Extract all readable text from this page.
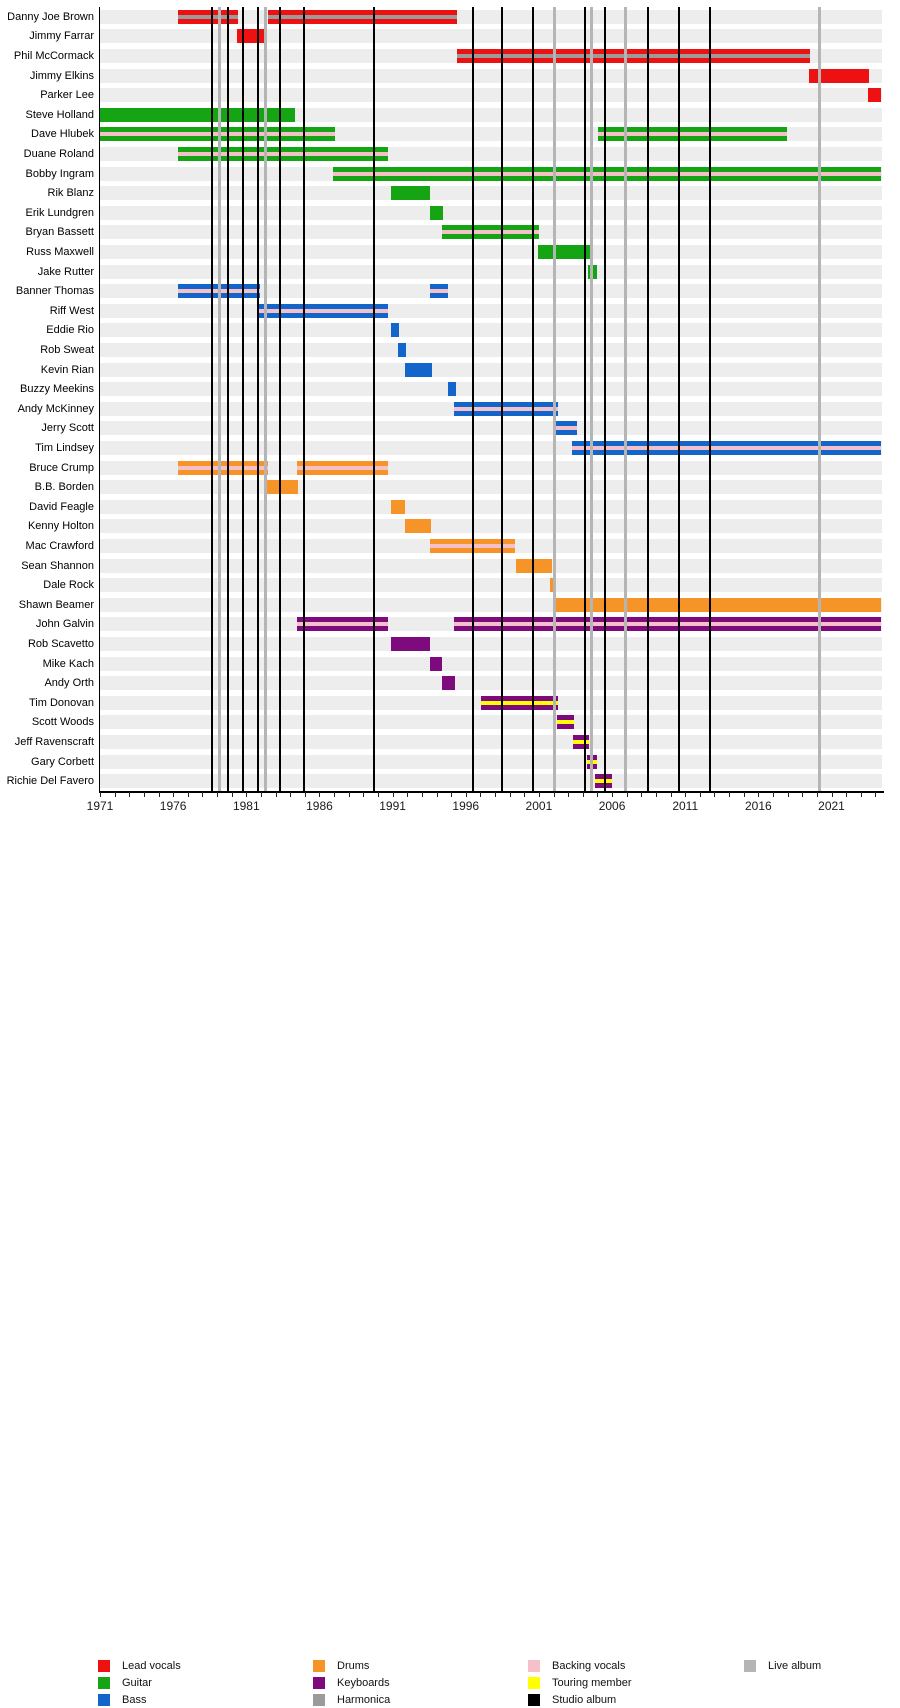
Danny Joe Brown
Jimmy Farrar
Phil McCormack
Jimmy Elkins
Parker Lee
Steve Holland
Dave Hlubek
Duane Roland
Bobby Ingram
Rik Blanz
Erik Lundgren
Bryan Bassett
Russ Maxwell
Jake Rutter
Banner Thomas
Riff West
Eddie Rio
Rob Sweat
Kevin Rian
Buzzy Meekins
Andy McKinney
Jerry Scott
Tim Lindsey
Bruce Crump
B.B. Borden
David Feagle
Kenny Holton
Mac Crawford
Sean Shannon
Dale Rock
Shawn Beamer
John Galvin
Rob Scavetto
Mike Kach
Andy Orth
Tim Donovan
Scott Woods
Jeff Ravenscraft
Gary Corbett
Richie Del Favero
1971	1976	1981	1986	1991	1996	2001	2006	2011	2016	2021
Lead vocals
Guitar
Bass
Drums
Keyboards
Harmonica
Backing vocals
Touring member
Studio album
Live album
